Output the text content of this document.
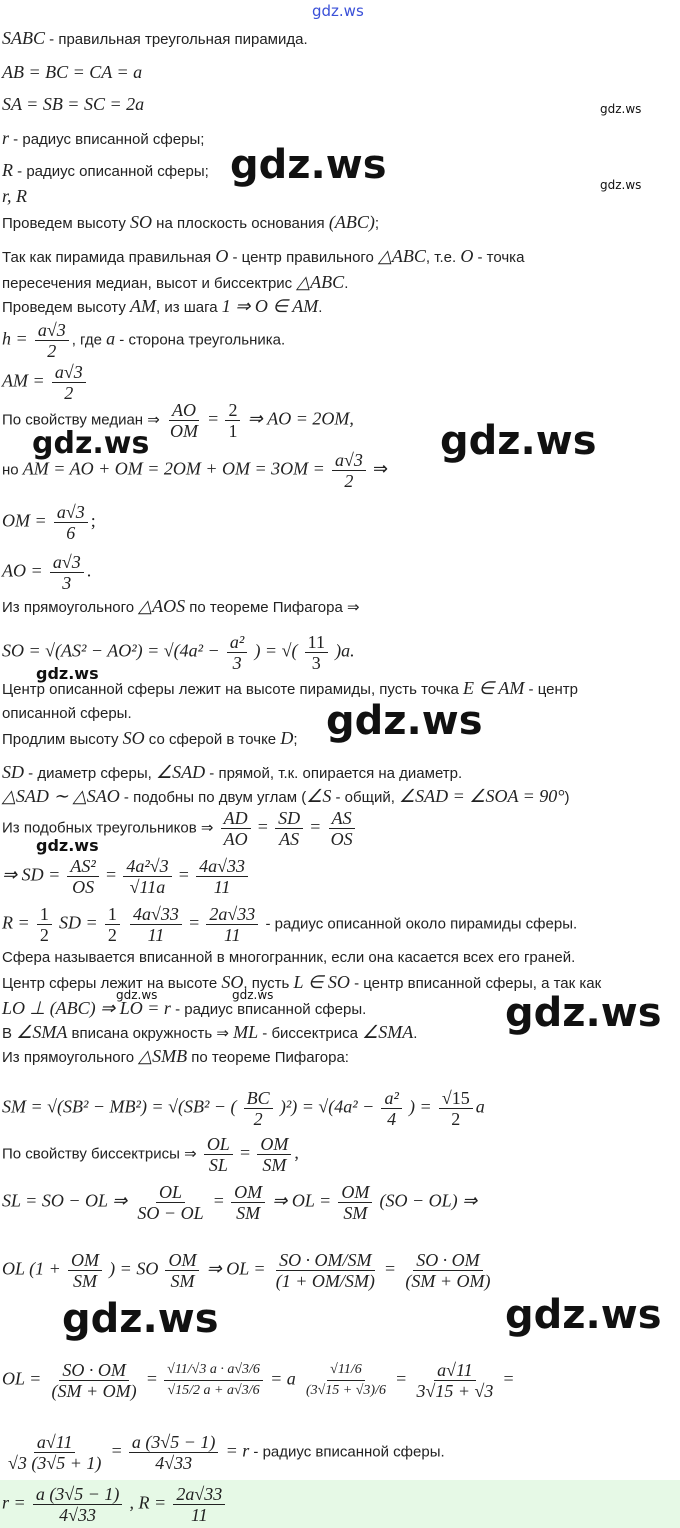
gdz.ws
gdz.ws
gdz.ws	gdz.ws
gdz.ws	gdz.ws
gdz.ws
gdz.ws
gdz.ws
gdz.ws	gdz.ws	gdz.ws
gdz.ws	gdz.ws
SABC - правильная треугольная пирамида.
AB = BC = CA = a
SA = SB = SC = 2a
r - радиус вписанной сферы;
R - радиус описанной сферы;
r, R
Проведем высоту SO на плоскость основания (ABC);
Так как пирамида правильная O - центр правильного △ABC, т.е. O - точка
пересечения медиан, высот и биссектрис △ABC.
Проведем высоту AM, из шага 1 ⇒ O ∈ AM.
$h = \frac{a√3}{2}$ , где a - сторона треугольника.
AM = $\frac{a√3}{2}$
По свойству медиан ⇒ $\frac{AO}{OM} = \frac{2}{1}$ ⇒ AO = 2OM,
но AM = AO + OM = 2OM + OM = $3OM = \frac{a√3}{2}$ ⇒
OM = $\frac{a√3}{6}$ ;
AO = $\frac{a√3}{3}$ .
Из прямоугольного △AOS по теореме Пифагора ⇒
SO = $√(AS^2 - AO^2) = √(4a^2 - \frac{\text{a²}}{3}$ ) = √( $\frac{11}{3} )a$.
Центр описанной сферы лежит на высоте пирамиды, пусть точка E ∈ AM - центр
описанной сферы.
Продлим высоту SO со сферой в точке D;
SD - диаметр сферы, ∠SAD - прямой, т.к. опирается на диаметр.
△SAD ∼ △SAO - подобны по двум углам (∠S - общий, ∠SAD = ∠SOA = 90°)
Из подобных треугольников ⇒ $\frac{AD}{AO} = \frac{SD}{AS} = \frac{AS}{OS}$
⇒ SD = $\frac{\text{AS²}}{OS} = \frac{\text{4a²√3}}{√11a} = \frac{4a√33}{11}$
$R = \frac{1}{2}$ SD = $\frac{1}{2}$
$\frac{4a√33}{11} = \frac{2a√33}{11}$ - радиус описанной около пирамиды сферы.
Сфера называется вписанной в многогранник, если она касается всех его граней.
Центр сферы лежит на высоте SO, пусть L ∈ SO - центр вписанной сферы, а так как
LO ⊥ (ABC) ⇒ LO = r - радиус вписанной сферы.
В ∠SMA вписана окружность ⇒ ML - биссектриса ∠SMA.
Из прямоугольного △SMB по теореме Пифагора:
SM = √(SB² − MB²) = √(SB² − ( $\frac{BC}{2} )^2) = √(4a^2 - \frac{\text{a²}}{4}$ ) = $\frac{√15}{2}$ a
По свойству биссектрисы ⇒ $\frac{OL}{SL} = \frac{OM}{SM}$ ,
SL = SO − OL ⇒ $\frac{OL}{SO - OL} = \frac{OM}{SM}$ ⇒ OL = $\frac{OM}{SM} (SO - OL)$ ⇒
OL ($1 + \frac{OM}{SM}$ ) = SO $\frac{OM}{SM}$ ⇒ OL = $\frac{SO \cdot OM/SM}{(1 + OM/SM)} = \frac{SO \cdot OM}{(SM + OM)}$
OL = $\frac{SO \cdot OM}{(SM + OM)} = \frac{√11/√3 a \cdot a√3/6}{√15/2 a + a√3/6} = a \frac{√11/6}{(3√15 + √3)/6} = \frac{a√11}{3√15 + √3}$ =
$\frac{a√11}{√3 (3√5 + 1)} = \frac{a (3√5 - 1)}{4√33} = r$ - радиус вписанной сферы.
$r = \frac{a (3√5 - 1)}{4√33}$ , $R = \frac{2a√33}{11}$
